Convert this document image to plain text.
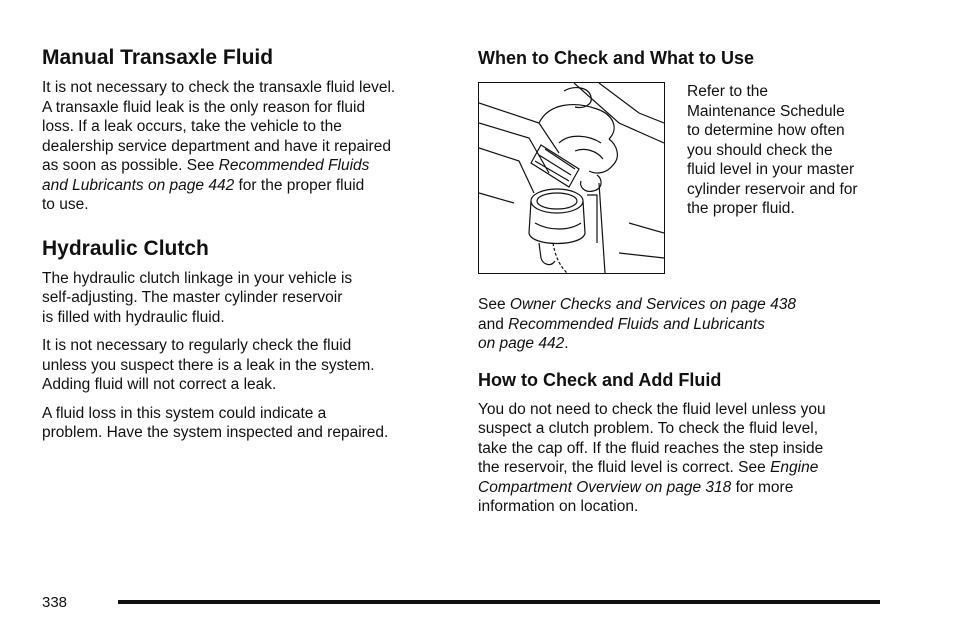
Manual Transaxle Fluid

It is not necessary to check the transaxle fluid level.
A transaxle fluid leak is the only reason for fluid
loss. If a leak occurs, take the vehicle to the
dealership service department and have it repaired
as soon as possible. See Recommended Fluids
and Lubricants on page 442 for the proper fluid
to use.

Hydraulic Clutch

The hydraulic clutch linkage in your vehicle is
self-adjusting. The master cylinder reservoir
is filled with hydraulic fluid.

It is not necessary to regularly check the fluid
unless you suspect there is a leak in the system.
Adding fluid will not correct a leak.

A fluid loss in this system could indicate a
problem. Have the system inspected and repaired.

When to Check and What to Use

Refer to the
Maintenance Schedule
to determine how often
you should check the
fluid level in your master
cylinder reservoir and for
the proper fluid.

See Owner Checks and Services on page 438
and Recommended Fluids and Lubricants
on page 442.

How to Check and Add Fluid

You do not need to check the fluid level unless you
suspect a clutch problem. To check the fluid level,
take the cap off. If the fluid reaches the step inside
the reservoir, the fluid level is correct. See Engine
Compartment Overview on page 318 for more
information on location.

338
